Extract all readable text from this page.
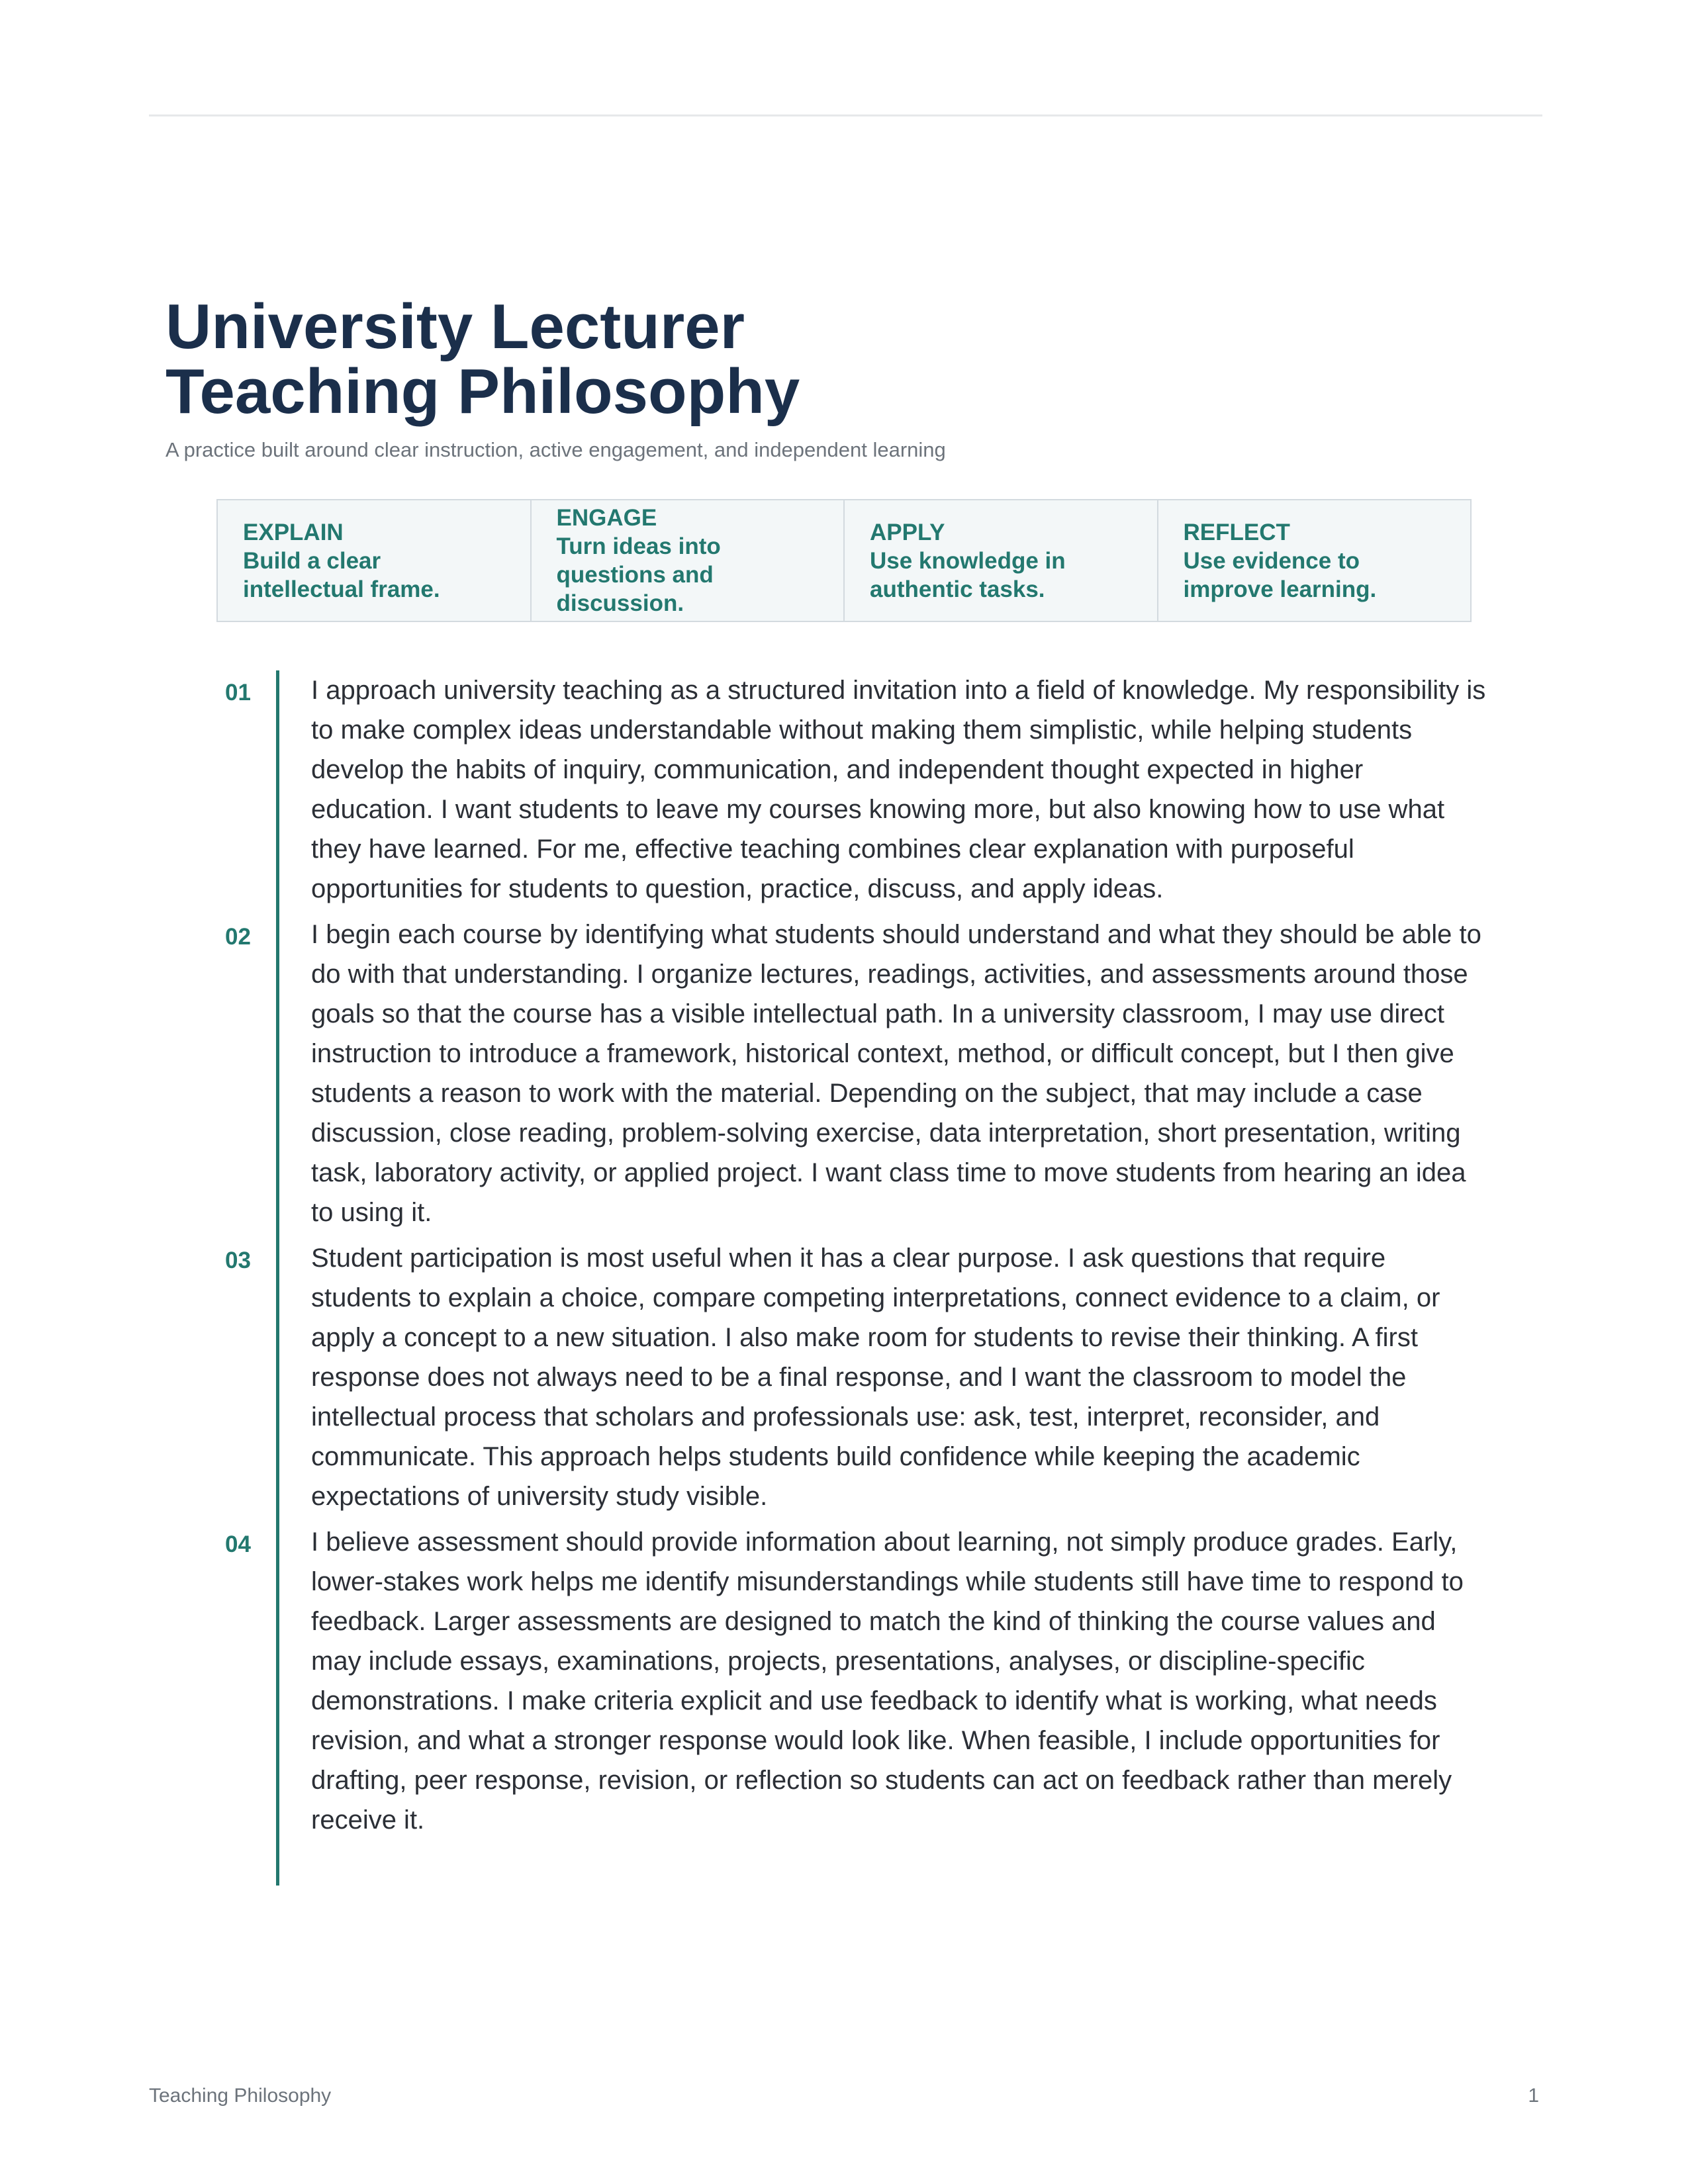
University Lecturer
Teaching Philosophy
A practice built around clear instruction, active engagement, and independent learning
EXPLAIN
Build a clear intellectual frame.
ENGAGE
Turn ideas into questions and discussion.
APPLY
Use knowledge in authentic tasks.
REFLECT
Use evidence to improve learning.
01 I approach university teaching as a structured invitation into a field of knowledge. My responsibility is to make complex ideas understandable without making them simplistic, while helping students develop the habits of inquiry, communication, and independent thought expected in higher education. I want students to leave my courses knowing more, but also knowing how to use what they have learned. For me, effective teaching combines clear explanation with purposeful opportunities for students to question, practice, discuss, and apply ideas.
02 I begin each course by identifying what students should understand and what they should be able to do with that understanding. I organize lectures, readings, activities, and assessments around those goals so that the course has a visible intellectual path. In a university classroom, I may use direct instruction to introduce a framework, historical context, method, or difficult concept, but I then give students a reason to work with the material. Depending on the subject, that may include a case discussion, close reading, problem-solving exercise, data interpretation, short presentation, writing task, laboratory activity, or applied project. I want class time to move students from hearing an idea to using it.
03 Student participation is most useful when it has a clear purpose. I ask questions that require students to explain a choice, compare competing interpretations, connect evidence to a claim, or apply a concept to a new situation. I also make room for students to revise their thinking. A first response does not always need to be a final response, and I want the classroom to model the intellectual process that scholars and professionals use: ask, test, interpret, reconsider, and communicate. This approach helps students build confidence while keeping the academic expectations of university study visible.
04 I believe assessment should provide information about learning, not simply produce grades. Early, lower-stakes work helps me identify misunderstandings while students still have time to respond to feedback. Larger assessments are designed to match the kind of thinking the course values and may include essays, examinations, projects, presentations, analyses, or discipline-specific demonstrations. I make criteria explicit and use feedback to identify what is working, what needs revision, and what a stronger response would look like. When feasible, I include opportunities for drafting, peer response, revision, or reflection so students can act on feedback rather than merely receive it.
Teaching Philosophy	1
